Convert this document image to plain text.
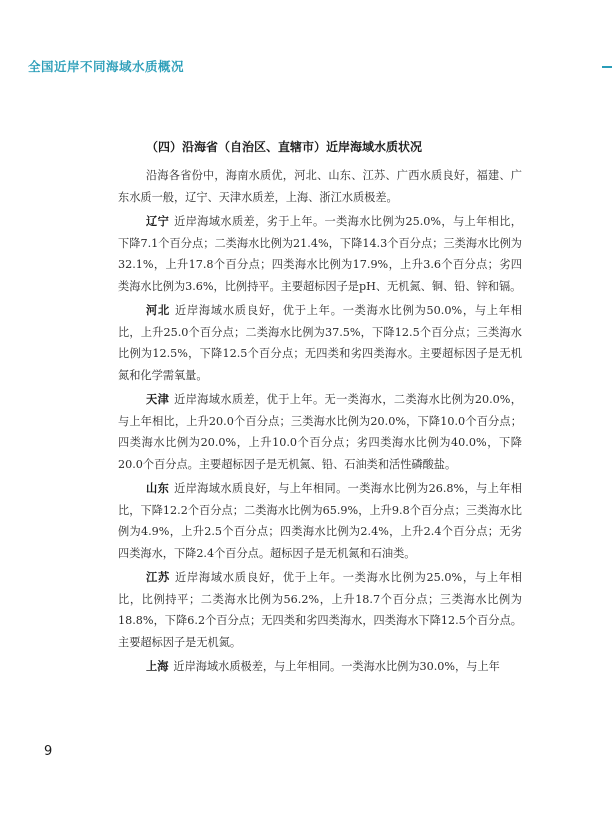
全国近岸不同海域水质概况
（四）沿海省（自治区、直辖市）近岸海域水质状况

沿海各省份中，海南水质优，河北、山东、江苏、广西水质良好，福建、广东水质一般，辽宁、天津水质差，上海、浙江水质极差。

辽宁 近岸海域水质差，劣于上年。一类海水比例为25.0%，与上年相比，下降7.1个百分点；二类海水比例为21.4%，下降14.3个百分点；三类海水比例为32.1%，上升17.8个百分点；四类海水比例为17.9%，上升3.6个百分点；劣四类海水比例为3.6%，比例持平。主要超标因子是pH、无机氮、铜、铅、锌和镉。

河北 近岸海域水质良好，优于上年。一类海水比例为50.0%，与上年相比，上升25.0个百分点；二类海水比例为37.5%，下降12.5个百分点；三类海水比例为12.5%，下降12.5个百分点；无四类和劣四类海水。主要超标因子是无机氮和化学需氧量。

天津 近岸海域水质差，优于上年。无一类海水，二类海水比例为20.0%，与上年相比，上升20.0个百分点；三类海水比例为20.0%，下降10.0个百分点；四类海水比例为20.0%，上升10.0个百分点；劣四类海水比例为40.0%，下降20.0个百分点。主要超标因子是无机氮、铅、石油类和活性磷酸盐。

山东 近岸海域水质良好，与上年相同。一类海水比例为26.8%，与上年相比，下降12.2个百分点；二类海水比例为65.9%，上升9.8个百分点；三类海水比例为4.9%，上升2.5个百分点；四类海水比例为2.4%，上升2.4个百分点；无劣四类海水，下降2.4个百分点。超标因子是无机氮和石油类。

江苏 近岸海域水质良好，优于上年。一类海水比例为25.0%，与上年相比，比例持平；二类海水比例为56.2%，上升18.7个百分点；三类海水比例为18.8%，下降6.2个百分点；无四类和劣四类海水，四类海水下降12.5个百分点。主要超标因子是无机氮。

上海 近岸海域水质极差，与上年相同。一类海水比例为30.0%，与上年

9
